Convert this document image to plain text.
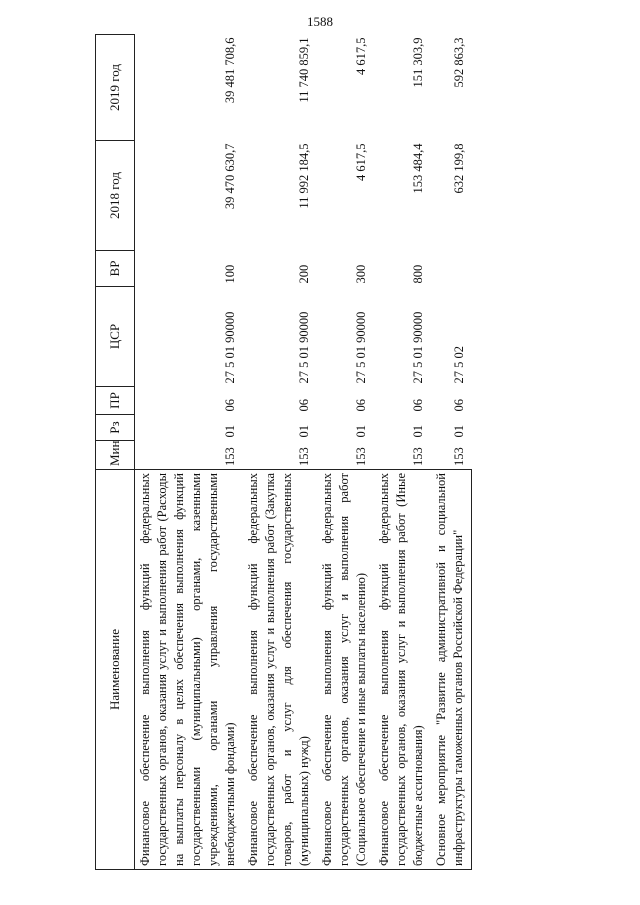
1588
Наименование	Мин	Рз	ПР	ЦСР	ВР	2018 год	2019 год
Финансовое обеспечение выполнения функций федеральных государственных органов, оказания услуг и выполнения работ (Расходы на выплаты персоналу в целях обеспечения выполнения функций государственными (муниципальными) органами, казенными учреждениями, органами управления государственными внебюджетными фондами)	153	01	06	27 5 01 90000	100	39 470 630,7	39 481 708,6
Финансовое обеспечение выполнения функций федеральных государственных органов, оказания услуг и выполнения работ (Закупка товаров, работ и услуг для обеспечения государственных (муниципальных) нужд)	153	01	06	27 5 01 90000	200	11 992 184,5	11 740 859,1
Финансовое обеспечение выполнения функций федеральных государственных органов, оказания услуг и выполнения работ (Социальное обеспечение и иные выплаты населению)	153	01	06	27 5 01 90000	300	4 617,5	4 617,5
Финансовое обеспечение выполнения функций федеральных государственных органов, оказания услуг и выполнения работ (Иные бюджетные ассигнования)	153	01	06	27 5 01 90000	800	153 484,4	151 303,9
Основное мероприятие "Развитие административной и социальной инфраструктуры таможенных органов Российской Федерации"	153	01	06	27 5 02		632 199,8	592 863,3
